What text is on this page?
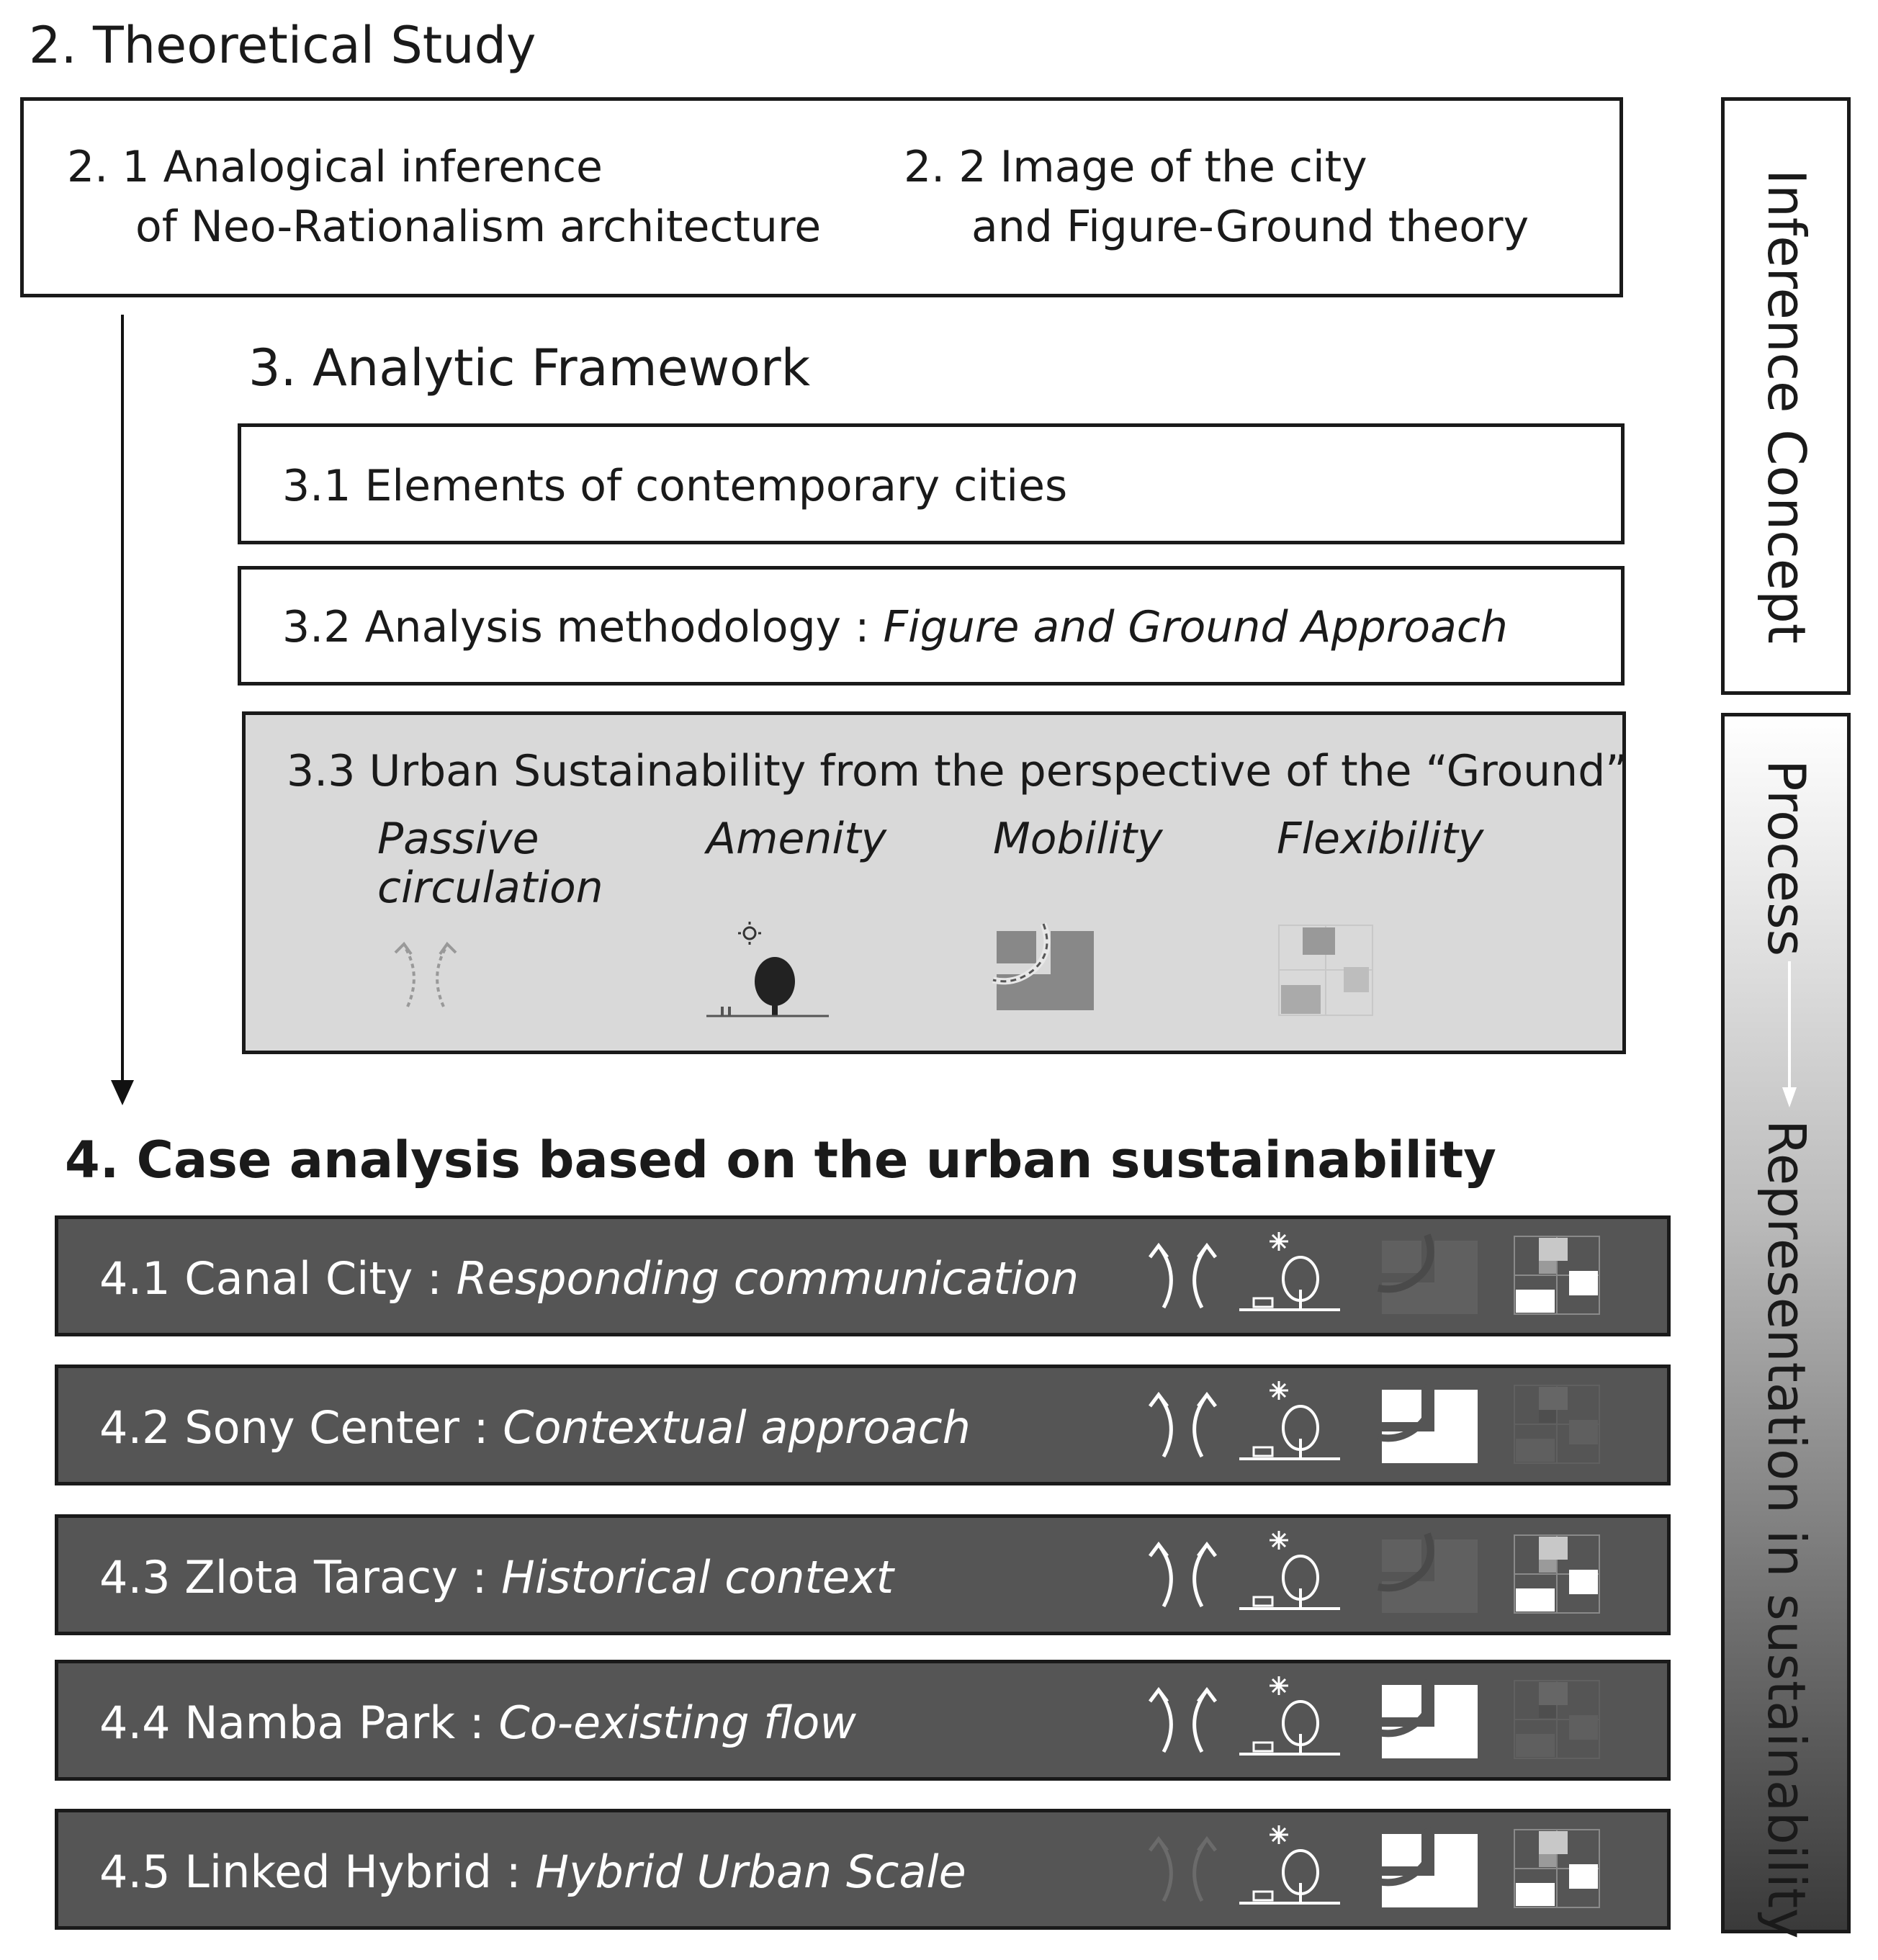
2. Theoretical Study
2. 1 Analogical inference
of Neo-Rationalism architecture
2. 2 Image of the city
and Figure-Ground theory
3. Analytic Framework
3.1 Elements of contemporary cities
3.2 Analysis methodology : Figure and Ground Approach
3.3 Urban Sustainability from the perspective of the “Ground”
Passive
circulation
Amenity Mobility	Flexibility
4. Case analysis based on the urban sustainability
4.1 Canal City : Responding communication
4.2 Sony Center : Contextual approach
4.3 Zlota Taracy : Historical context
4.4 Namba Park : Co-existing flow
4.5 Linked Hybrid : Hybrid Urban Scale
Inference Concept
Process
Representation in sustainability
